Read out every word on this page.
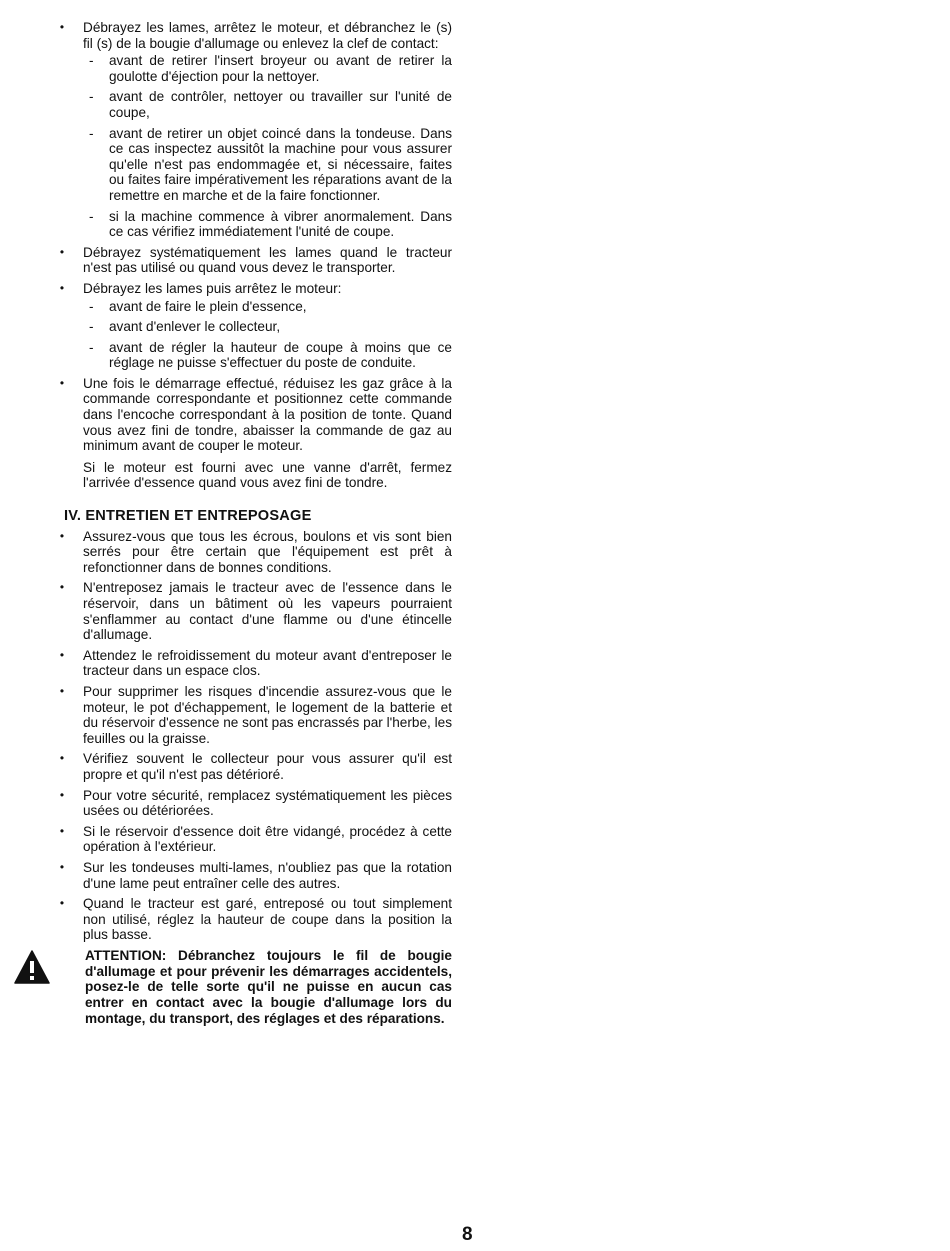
• Débrayez les lames, arrêtez le moteur, et débranchez le (s) fil (s) de la bougie d'allumage ou enlevez la clef de contact:
- avant de retirer l'insert broyeur ou avant de retirer la goulotte d'éjection pour la nettoyer.
- avant de contrôler, nettoyer ou travailler sur l'unité de coupe,
- avant de retirer un objet coincé dans la tondeuse. Dans ce cas inspectez aussitôt la machine pour vous assurer qu'elle n'est pas endommagée et, si nécessaire, faites ou faites faire impérativement les réparations avant de la remettre en marche et de la faire fonctionner.
- si la machine commence à vibrer anormalement. Dans ce cas vérifiez immédiatement l'unité de coupe.
• Débrayez systématiquement les lames quand le tracteur n'est pas utilisé ou quand vous devez le transporter.
• Débrayez les lames puis arrêtez le moteur:
- avant de faire le plein d'essence,
- avant d'enlever le collecteur,
- avant de régler la hauteur de coupe à moins que ce réglage ne puisse s'effectuer du poste de conduite.
• Une fois le démarrage effectué, réduisez les gaz grâce à la commande correspondante et positionnez cette commande dans l'encoche correspondant à la position de tonte. Quand vous avez fini de tondre, abaisser la commande de gaz au minimum avant de couper le moteur.
Si le moteur est fourni avec une vanne d'arrêt, fermez l'arrivée d'essence quand vous avez fini de tondre.
IV. ENTRETIEN ET ENTREPOSAGE
• Assurez-vous que tous les écrous, boulons et vis sont bien serrés pour être certain que l'équipement est prêt à refonctionner dans de bonnes conditions.
• N'entreposez jamais le tracteur avec de l'essence dans le réservoir, dans un bâtiment où les vapeurs pourraient s'enflammer au contact d'une flamme ou d'une étincelle d'allumage.
• Attendez le refroidissement du moteur avant d'entreposer le tracteur dans un espace clos.
• Pour supprimer les risques d'incendie assurez-vous que le moteur, le pot d'échappement, le logement de la batterie et du réservoir d'essence ne sont pas encrassés par l'herbe, les feuilles ou la graisse.
• Vérifiez souvent le collecteur pour vous assurer qu'il est propre et qu'il n'est pas détérioré.
• Pour votre sécurité, remplacez systématiquement les pièces usées ou détériorées.
• Si le réservoir d'essence doit être vidangé, procédez à cette opération à l'extérieur.
• Sur les tondeuses multi-lames, n'oubliez pas que la rotation d'une lame peut entraîner celle des autres.
• Quand le tracteur est garé, entreposé ou tout simplement non utilisé, réglez la hauteur de coupe dans la position la plus basse.
ATTENTION: Débranchez toujours le fil de bougie d'allumage et pour prévenir les démarrages accidentels, posez-le de telle sorte qu'il ne puisse en aucun cas entrer en contact avec la bougie d'allumage lors du montage, du transport, des réglages et des réparations.
8
